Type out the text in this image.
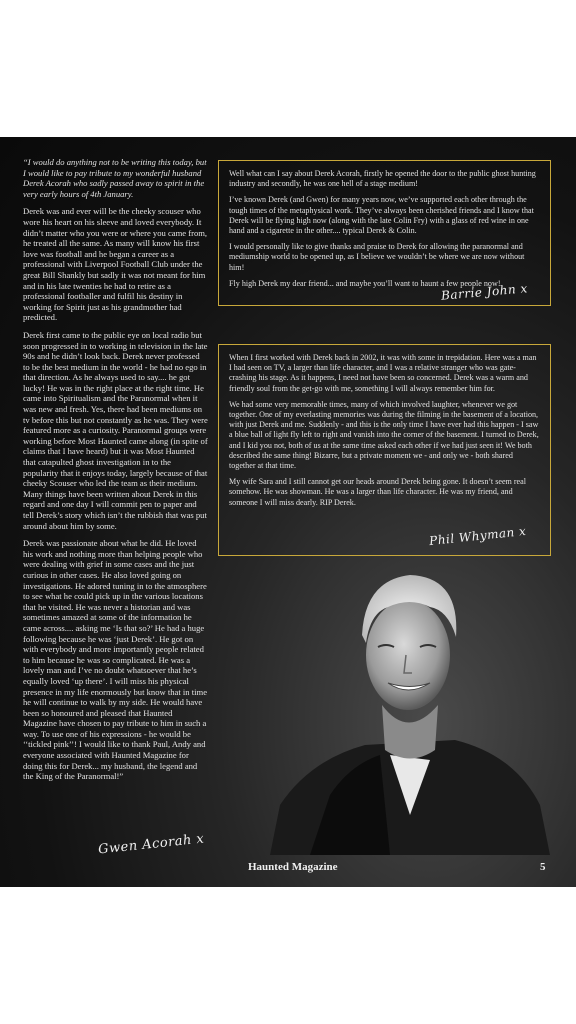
“I would do anything not to be writing this today, but I would like to pay tribute to my wonderful husband Derek Acorah who sadly passed away to spirit in the very early hours of 4th January.

Derek was and ever will be the cheeky scouser who wore his heart on his sleeve and loved everybody. It didn’t matter who you were or where you came from, he treated all the same. As many will know his first love was football and he began a career as a professional with Liverpool Football Club under the great Bill Shankly but sadly it was not meant for him and in his late twenties he had to retire as a professional footballer and fulfil his destiny in working for Spirit just as his grandmother had predicted.

Derek first came to the public eye on local radio but soon progressed in to working in television in the late 90s and he didn’t look back. Derek never professed to be the best medium in the world - he had no ego in that direction. As he always used to say.... he got lucky! He was in the right place at the right time. He came into Spiritualism and the Paranormal when it was new and fresh. Yes, there had been mediums on tv before this but not constantly as he was. They were featured more as a curiosity. Paranormal groups were working before Most Haunted came along (in spite of claims that I have heard) but it was Most Haunted that catapulted ghost investigation in to the popularity that it enjoys today, largely because of that cheeky Scouser who led the team as their medium. Many things have been written about Derek in this regard and one day I will commit pen to paper and tell Derek’s story which isn’t the rubbish that was put around about him by some.

Derek was passionate about what he did. He loved his work and nothing more than helping people who were dealing with grief in some cases and the just curious in other cases. He also loved going on investigations. He adored tuning in to the atmosphere to see what he could pick up in the various locations that he visited. He was never a historian and was sometimes amazed at some of the information he came across.... asking me ‘Is that so?’ He had a huge following because he was ‘just Derek’. He got on with everybody and more importantly people related to him because he was so complicated. He was a lovely man and I’ve no doubt whatsoever that he’s equally loved ‘up there’. I will miss his physical presence in my life enormously but know that in time he will continue to walk by my side. He would have been so honoured and pleased that Haunted Magazine have chosen to pay tribute to him in such a way. To use one of his expressions - he would be ‘‘tickled pink’’! I would like to thank Paul, Andy and everyone associated with Haunted Magazine for doing this for Derek... my husband, the legend and the King of the Paranormal!”

Gwen Acorah x

Well what can I say about Derek Acorah, firstly he opened the door to the public ghost hunting industry and secondly, he was one hell of a stage medium!

I’ve known Derek (and Gwen) for many years now, we’ve supported each other through the tough times of the metaphysical work. They’ve always been cherished friends and I know that Derek will be flying high now (along with the late Colin Fry) with a glass of red wine in one hand and a cigarette in the other.... typical Derek & Colin.

I would personally like to give thanks and praise to Derek for allowing the paranormal and mediumship world to be opened up, as I believe we wouldn’t be where we are now without him!

Fly high Derek my dear friend... and maybe you’ll want to haunt a few people now!

Barrie John x

When I first worked with Derek back in 2002, it was with some in trepidation. Here was a man I had seen on TV, a larger than life character, and I was a relative stranger who was gate-crashing his stage. As it happens, I need not have been so concerned. Derek was a warm and friendly soul from the get-go with me, something I will always remember him for.

We had some very memorable times, many of which involved laughter, whenever we got together. One of my everlasting memories was during the filming in the basement of a location, with just Derek and me. Suddenly - and this is the only time I have ever had this happen - I saw a blue ball of light fly left to right and vanish into the corner of the basement. I turned to Derek, and I kid you not, both of us at the same time asked each other if we had just seen it! We both described the same thing! Bizarre, but a private moment we - and only we - both shared together at that time.

My wife Sara and I still cannot get our heads around Derek being gone. It doesn’t seem real somehow. He was showman. He was a larger than life character. He was my friend, and someone I will miss dearly. RIP Derek.

Phil Whyman x
Haunted Magazine	5
